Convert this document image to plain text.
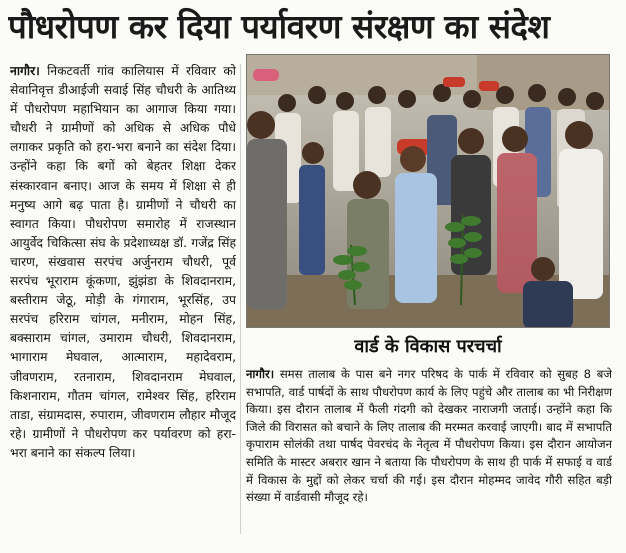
पौधरोपण कर दिया पर्यावरण संरक्षण का संदेश
नागौर। निकटवर्ती गांव कालियास में रविवार को सेवानिवृत्त डीआईजी सवाई सिंह चौधरी के आतिथ्य में पौधरोपण महाभियान का आगाज किया गया। चौधरी ने ग्रामीणों को अधिक से अधिक पौधे लगाकर प्रकृति को हरा-भरा बनाने का संदेश दिया। उन्होंने कहा कि बगों को बेहतर शिक्षा देकर संस्कारवान बनाए। आज के समय में शिक्षा से ही मनुष्य आगे बढ़ पाता है। ग्रामीणों ने चौधरी का स्वागत किया। पौधरोपण समारोह में राजस्थान आयुर्वेद चिकित्सा संघ के प्रदेशाध्यक्ष डॉ. गजेंद्र सिंह चारण, संखवास सरपंच अर्जुनराम चौधरी, पूर्व सरपंच भूराराम कूंकणा, झुंझंडा के शिवदानराम, बस्तीराम जेठू, मोड़ी के गंगाराम, भूरसिंह, उप सरपंच हरिराम चांगल, मनीराम, मोहन सिंह, बक्साराम चांगल, उमाराम चौधरी, शिवदानराम, भागाराम मेघवाल, आत्माराम, महादेवराम, जीवणराम, रतनाराम, शिवदानराम मेघवाल, किशनाराम, गौतम चांगल, रामेश्वर सिंह, हरिराम ताडा, संग्रामदास, रुपाराम, जीवणराम लौहार मौजूद रहे। ग्रामीणों ने पौधरोपण कर पर्यावरण को हरा-भरा बनाने का संकल्प लिया।
वार्ड के विकास परचर्चा
नागौर। समस तालाब के पास बने नगर परिषद के पार्क में रविवार को सुबह 8 बजे सभापति, वार्ड पार्षदों के साथ पौधरोपण कार्य के लिए पहुंचे और तालाब का भी निरीक्षण किया। इस दौरान तालाब में फैली गंदगी को देखकर नाराजगी जताई। उन्होंने कहा कि जिले की विरासत को बचाने के लिए तालाब की मरम्मत करवाई जाएगी। बाद में सभापति कृपाराम सोलंकी तथा पार्षद पेवरचंद के नेतृत्व में पौधरोपण किया। इस दौरान आयोजन समिति के मास्टर अबरार खान ने बताया कि पौधरोपण के साथ ही पार्क में सफाई व वार्ड में विकास के मुद्दों को लेकर चर्चा की गई। इस दौरान मोहम्मद जावेद गौरी सहित बड़ी संख्या में वार्डवासी मौजूद रहे।
